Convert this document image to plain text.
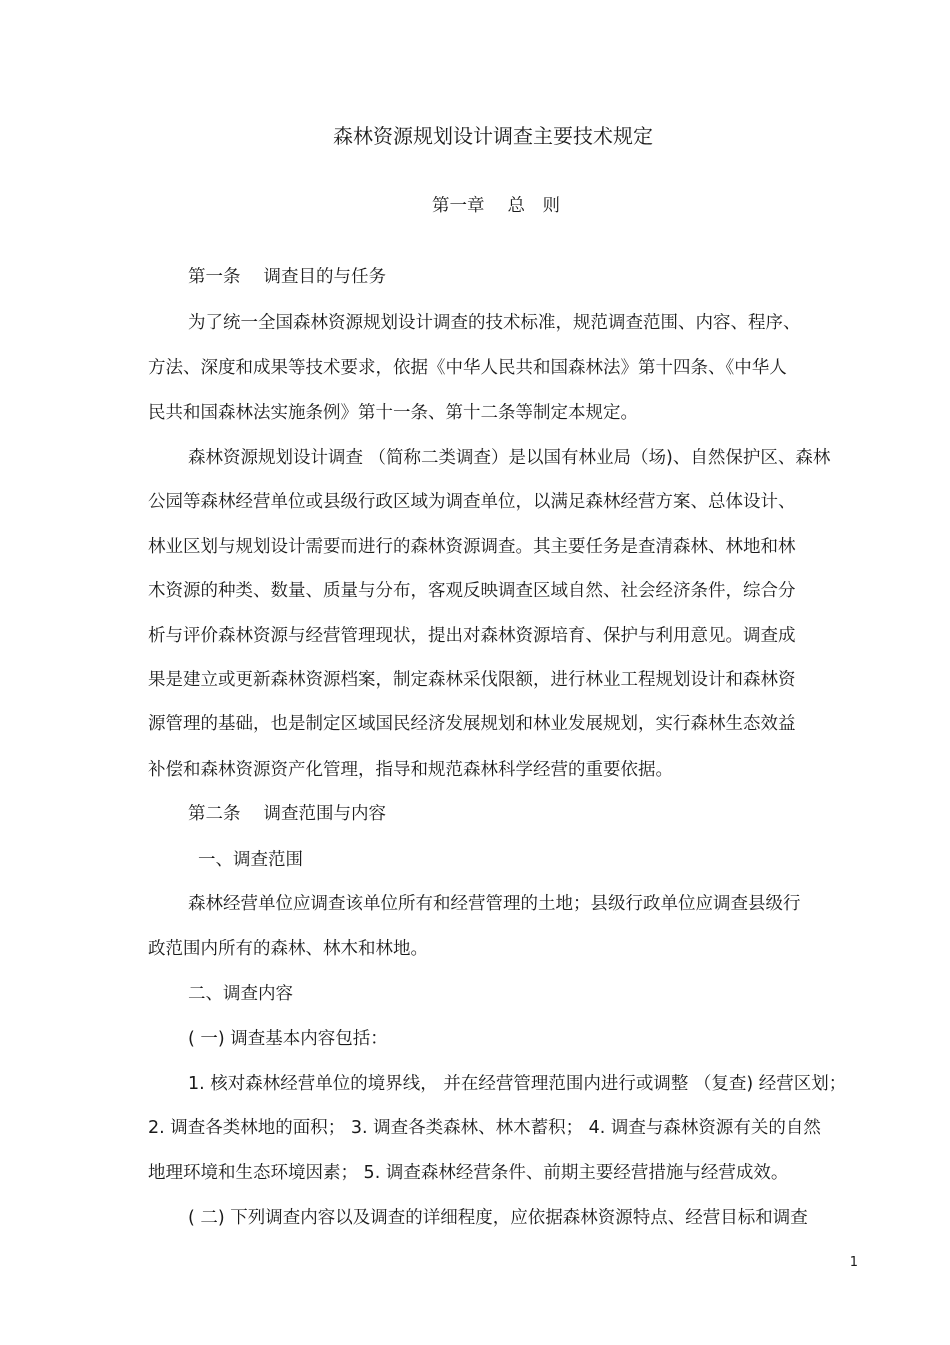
森林资源规划设计调查主要技术规定
第一章　 总　则
第一条　 调查目的与任务
为了统一全国森林资源规划设计调查的技术标准，规范调查范围、内容、程序、
方法、深度和成果等技术要求，依据《中华人民共和国森林法》第十四条、《中华人
民共和国森林法实施条例》第十一条、第十二条等制定本规定。
森林资源规划设计调查 （简称二类调查）是以国有林业局（场)、自然保护区、森林
公园等森林经营单位或县级行政区域为调查单位，以满足森林经营方案、总体设计、
林业区划与规划设计需要而进行的森林资源调查。其主要任务是查清森林、林地和林
木资源的种类、数量、质量与分布，客观反映调查区域自然、社会经济条件，综合分
析与评价森林资源与经营管理现状，提出对森林资源培育、保护与利用意见。调查成
果是建立或更新森林资源档案，制定森林采伐限额，进行林业工程规划设计和森林资
源管理的基础，也是制定区域国民经济发展规划和林业发展规划，实行森林生态效益
补偿和森林资源资产化管理，指导和规范森林科学经营的重要依据。
第二条　 调查范围与内容
一、调查范围
森林经营单位应调查该单位所有和经营管理的土地；县级行政单位应调查县级行
政范围内所有的森林、林木和林地。
二、调查内容
( 一) 调查基本内容包括：
1. 核对森林经营单位的境界线， 并在经营管理范围内进行或调整 （复查) 经营区划；
2. 调查各类林地的面积； 3. 调查各类森林、林木蓄积； 4. 调查与森林资源有关的自然
地理环境和生态环境因素； 5. 调查森林经营条件、前期主要经营措施与经营成效。
( 二) 下列调查内容以及调查的详细程度，应依据森林资源特点、经营目标和调查
1
